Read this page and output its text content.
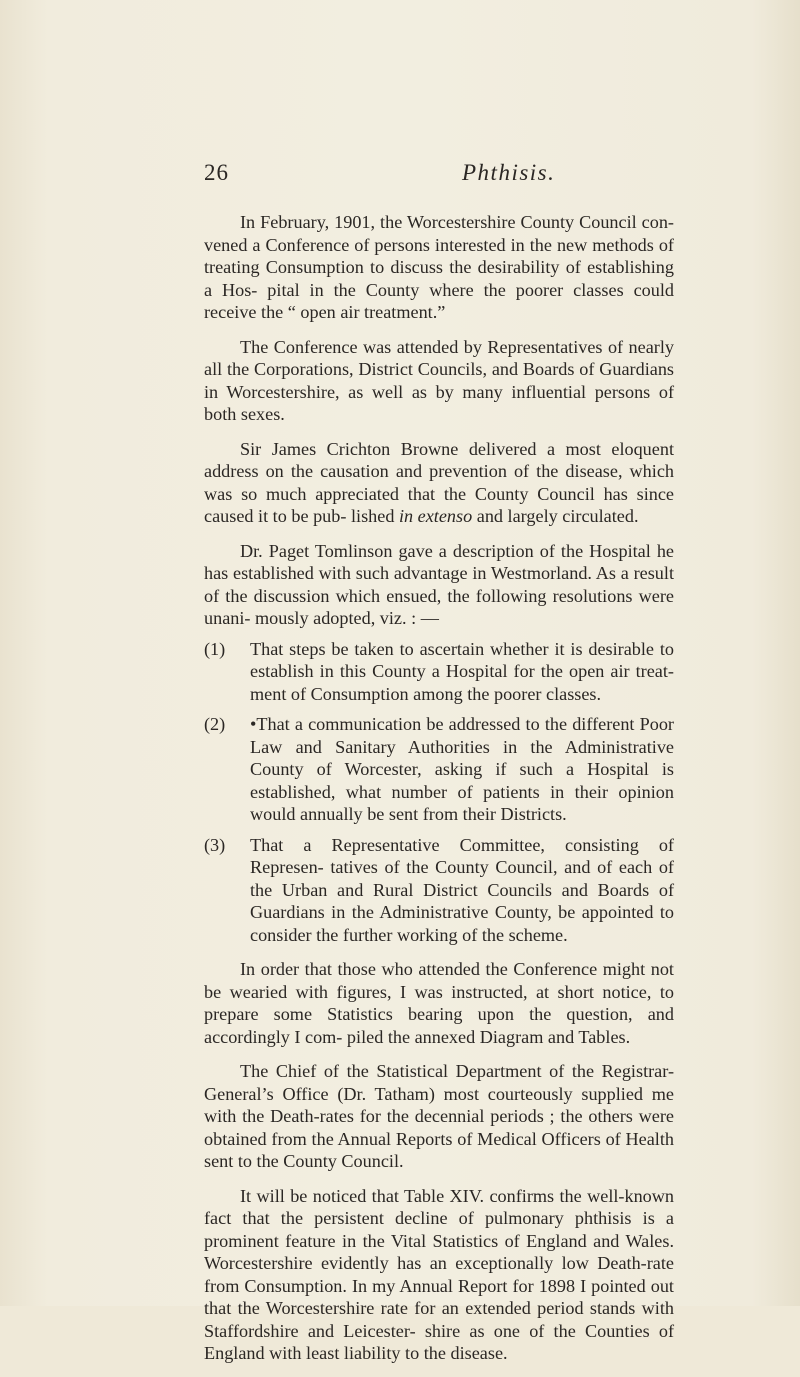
26	Phthisis.

In February, 1901, the Worcestershire County Council con- vened a Conference of persons interested in the new methods of treating Consumption to discuss the desirability of establishing a Hos- pital in the County where the poorer classes could receive the “ open air treatment.”

The Conference was attended by Representatives of nearly all the Corporations, District Councils, and Boards of Guardians in Worcestershire, as well as by many influential persons of both sexes.

Sir James Crichton Browne delivered a most eloquent address on the causation and prevention of the disease, which was so much appreciated that the County Council has since caused it to be pub- lished in extenso and largely circulated.

Dr. Paget Tomlinson gave a description of the Hospital he has established with such advantage in Westmorland. As a result of the discussion which ensued, the following resolutions were unani- mously adopted, viz. : —

(1) That steps be taken to ascertain whether it is desirable to establish in this County a Hospital for the open air treat- ment of Consumption among the poorer classes.
(2) •That a communication be addressed to the different Poor Law and Sanitary Authorities in the Administrative County of Worcester, asking if such a Hospital is established, what number of patients in their opinion would annually be sent from their Districts.
(3) That a Representative Committee, consisting of Represen- tatives of the County Council, and of each of the Urban and Rural District Councils and Boards of Guardians in the Administrative County, be appointed to consider the further working of the scheme.

In order that those who attended the Conference might not be wearied with figures, I was instructed, at short notice, to prepare some Statistics bearing upon the question, and accordingly I com- piled the annexed Diagram and Tables.

The Chief of the Statistical Department of the Registrar- General’s Office (Dr. Tatham) most courteously supplied me with the Death-rates for the decennial periods ; the others were obtained from the Annual Reports of Medical Officers of Health sent to the County Council.

It will be noticed that Table XIV. confirms the well-known fact that the persistent decline of pulmonary phthisis is a prominent feature in the Vital Statistics of England and Wales. Worcestershire evidently has an exceptionally low Death-rate from Consumption. In my Annual Report for 1898 I pointed out that the Worcestershire rate for an extended period stands with Staffordshire and Leicester- shire as one of the Counties of England with least liability to the disease.
